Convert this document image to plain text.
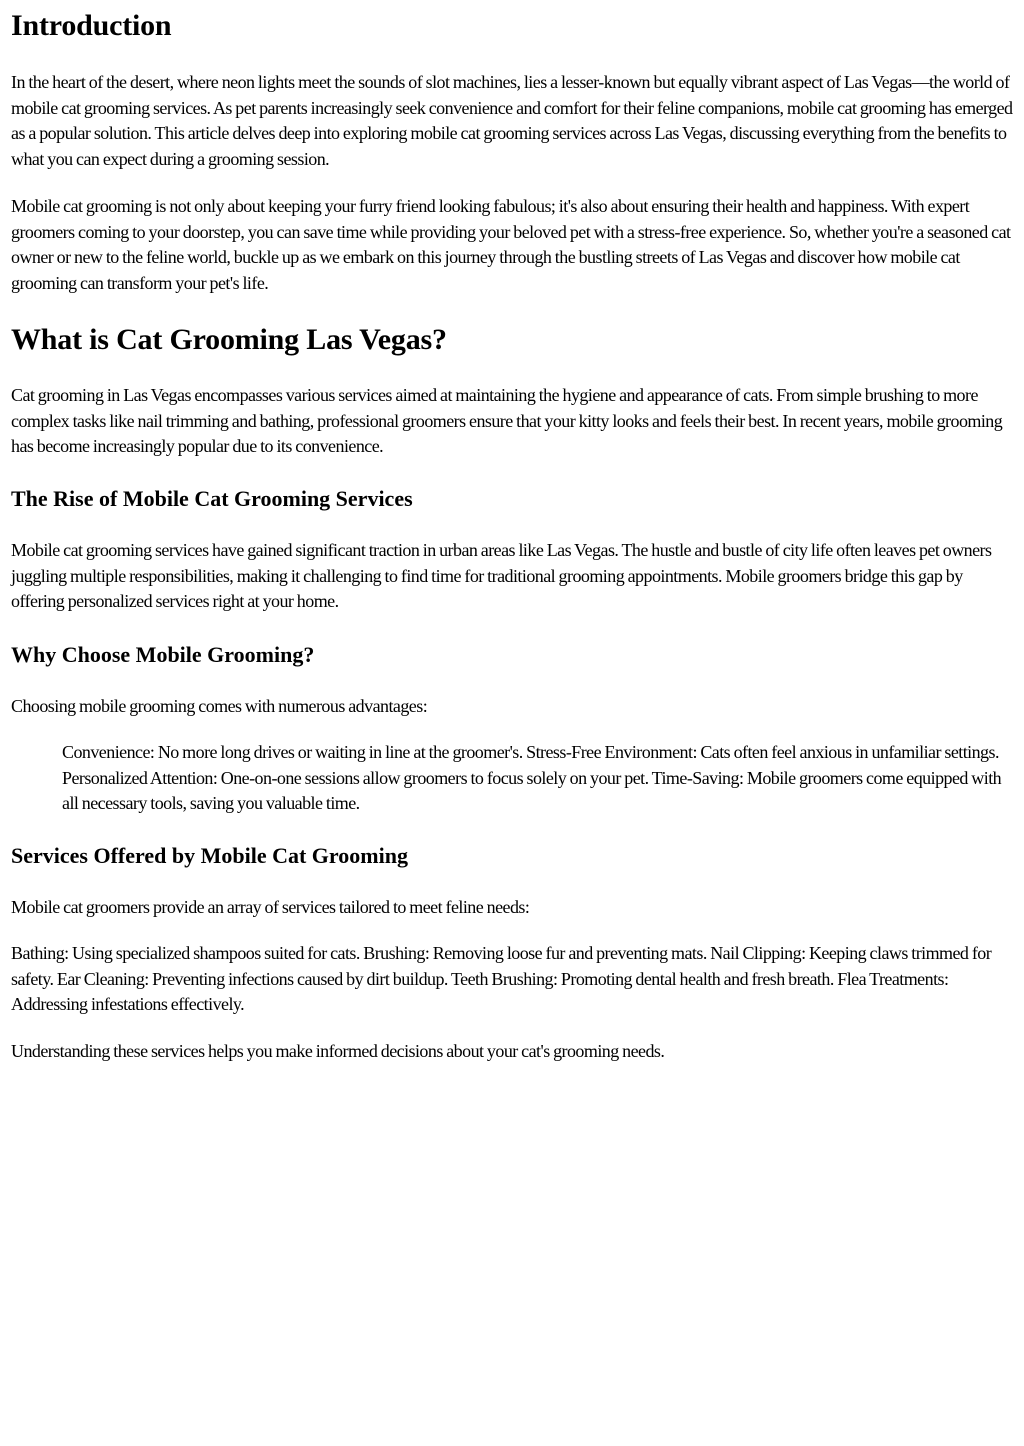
Introduction

In the heart of the desert, where neon lights meet the sounds of slot machines, lies a lesser-known but equally vibrant aspect of Las Vegas—the world of mobile cat grooming services. As pet parents increasingly seek convenience and comfort for their feline companions, mobile cat grooming has emerged as a popular solution. This article delves deep into exploring mobile cat grooming services across Las Vegas, discussing everything from the benefits to what you can expect during a grooming session.

Mobile cat grooming is not only about keeping your furry friend looking fabulous; it's also about ensuring their health and happiness. With expert groomers coming to your doorstep, you can save time while providing your beloved pet with a stress-free experience. So, whether you're a seasoned cat owner or new to the feline world, buckle up as we embark on this journey through the bustling streets of Las Vegas and discover how mobile cat grooming can transform your pet's life.

What is Cat Grooming Las Vegas?

Cat grooming in Las Vegas encompasses various services aimed at maintaining the hygiene and appearance of cats. From simple brushing to more complex tasks like nail trimming and bathing, professional groomers ensure that your kitty looks and feels their best. In recent years, mobile grooming has become increasingly popular due to its convenience.

The Rise of Mobile Cat Grooming Services

Mobile cat grooming services have gained significant traction in urban areas like Las Vegas. The hustle and bustle of city life often leaves pet owners juggling multiple responsibilities, making it challenging to find time for traditional grooming appointments. Mobile groomers bridge this gap by offering personalized services right at your home.

Why Choose Mobile Grooming?

Choosing mobile grooming comes with numerous advantages:

Convenience: No more long drives or waiting in line at the groomer's. Stress-Free Environment: Cats often feel anxious in unfamiliar settings. Personalized Attention: One-on-one sessions allow groomers to focus solely on your pet. Time-Saving: Mobile groomers come equipped with all necessary tools, saving you valuable time.

Services Offered by Mobile Cat Grooming

Mobile cat groomers provide an array of services tailored to meet feline needs:

Bathing: Using specialized shampoos suited for cats. Brushing: Removing loose fur and preventing mats. Nail Clipping: Keeping claws trimmed for safety. Ear Cleaning: Preventing infections caused by dirt buildup. Teeth Brushing: Promoting dental health and fresh breath. Flea Treatments: Addressing infestations effectively.

Understanding these services helps you make informed decisions about your cat's grooming needs.
